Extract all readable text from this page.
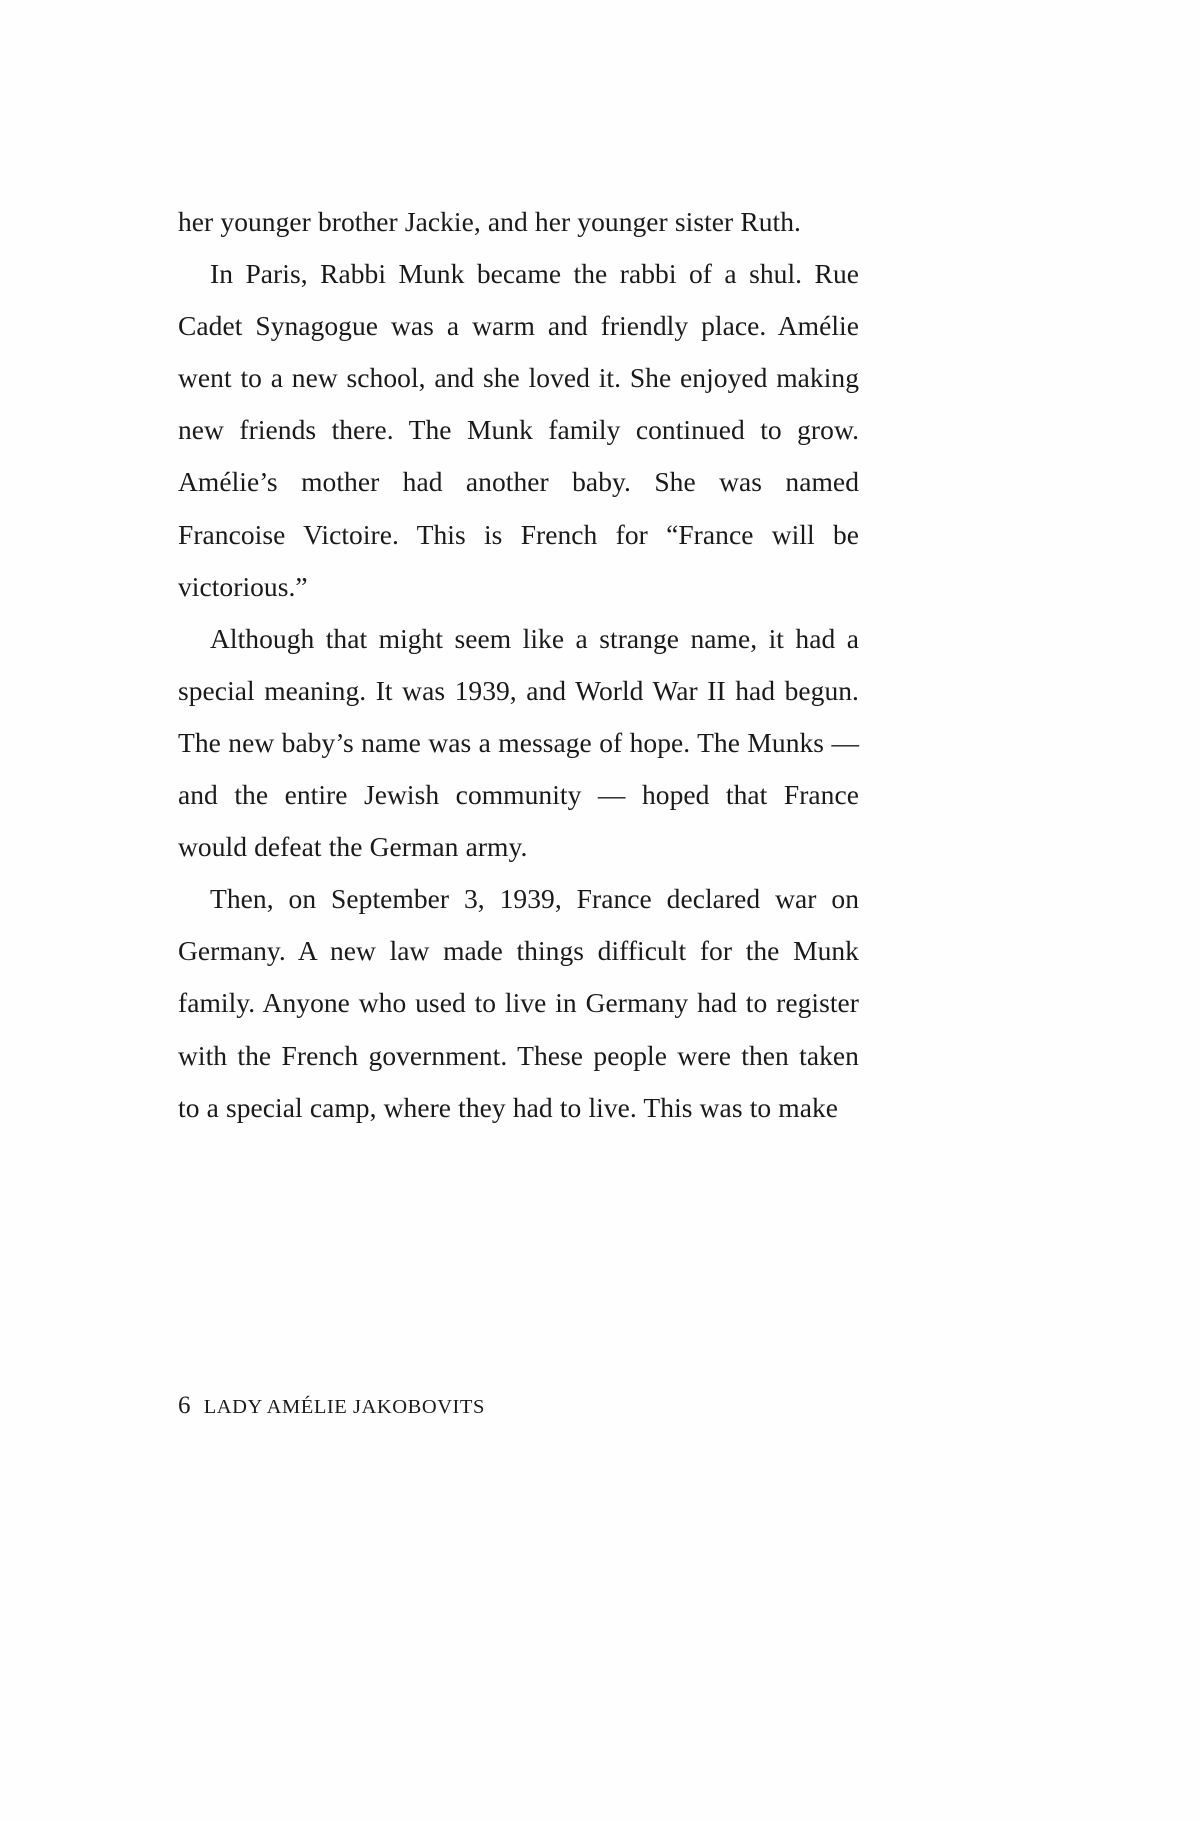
her younger brother Jackie, and her younger sister Ruth.

In Paris, Rabbi Munk became the rabbi of a shul. Rue Cadet Synagogue was a warm and friendly place. Amélie went to a new school, and she loved it. She enjoyed making new friends there. The Munk family continued to grow. Amélie’s mother had another baby. She was named Francoise Victoire. This is French for “France will be victorious.”

Although that might seem like a strange name, it had a special meaning. It was 1939, and World War II had begun. The new baby’s name was a message of hope. The Munks — and the entire Jewish community — hoped that France would defeat the German army.

Then, on September 3, 1939, France declared war on Germany. A new law made things difficult for the Munk family. Anyone who used to live in Germany had to register with the French government. These people were then taken to a special camp, where they had to live. This was to make

6 LADY AMÉLIE JAKOBOVITS
